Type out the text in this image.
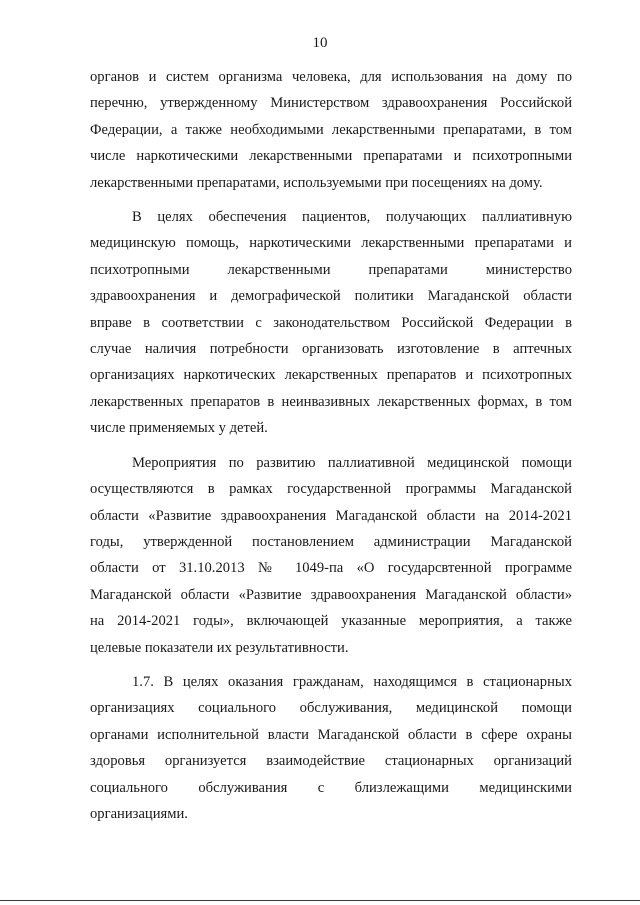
10

органов и систем организма человека, для использования на дому по
перечню, утвержденному Министерством здравоохранения Российской
Федерации, а также необходимыми лекарственными препаратами, в том
числе наркотическими лекарственными препаратами и психотропными
лекарственными препаратами, используемыми при посещениях на дому.

В целях обеспечения пациентов, получающих паллиативную
медицинскую помощь, наркотическими лекарственными препаратами и
психотропными лекарственными препаратами министерство
здравоохранения и демографической политики Магаданской области
вправе в соответствии с законодательством Российской Федерации в
случае наличия потребности организовать изготовление в аптечных
организациях наркотических лекарственных препаратов и психотропных
лекарственных препаратов в неинвазивных лекарственных формах, в том
числе применяемых у детей.

Мероприятия по развитию паллиативной медицинской помощи
осуществляются в рамках государственной программы Магаданской
области «Развитие здравоохранения Магаданской области на 2014-2021
годы, утвержденной постановлением администрации Магаданской
области от 31.10.2013 № 1049-па «О государсвтенной программе
Магаданской области «Развитие здравоохранения Магаданской области»
на 2014-2021 годы», включающей указанные мероприятия, а также
целевые показатели их результативности.

1.7. В целях оказания гражданам, находящимся в стационарных
организациях социального обслуживания, медицинской помощи
органами исполнительной власти Магаданской области в сфере охраны
здоровья организуется взаимодействие стационарных организаций
социального обслуживания с близлежащими медицинскими
организациями.
